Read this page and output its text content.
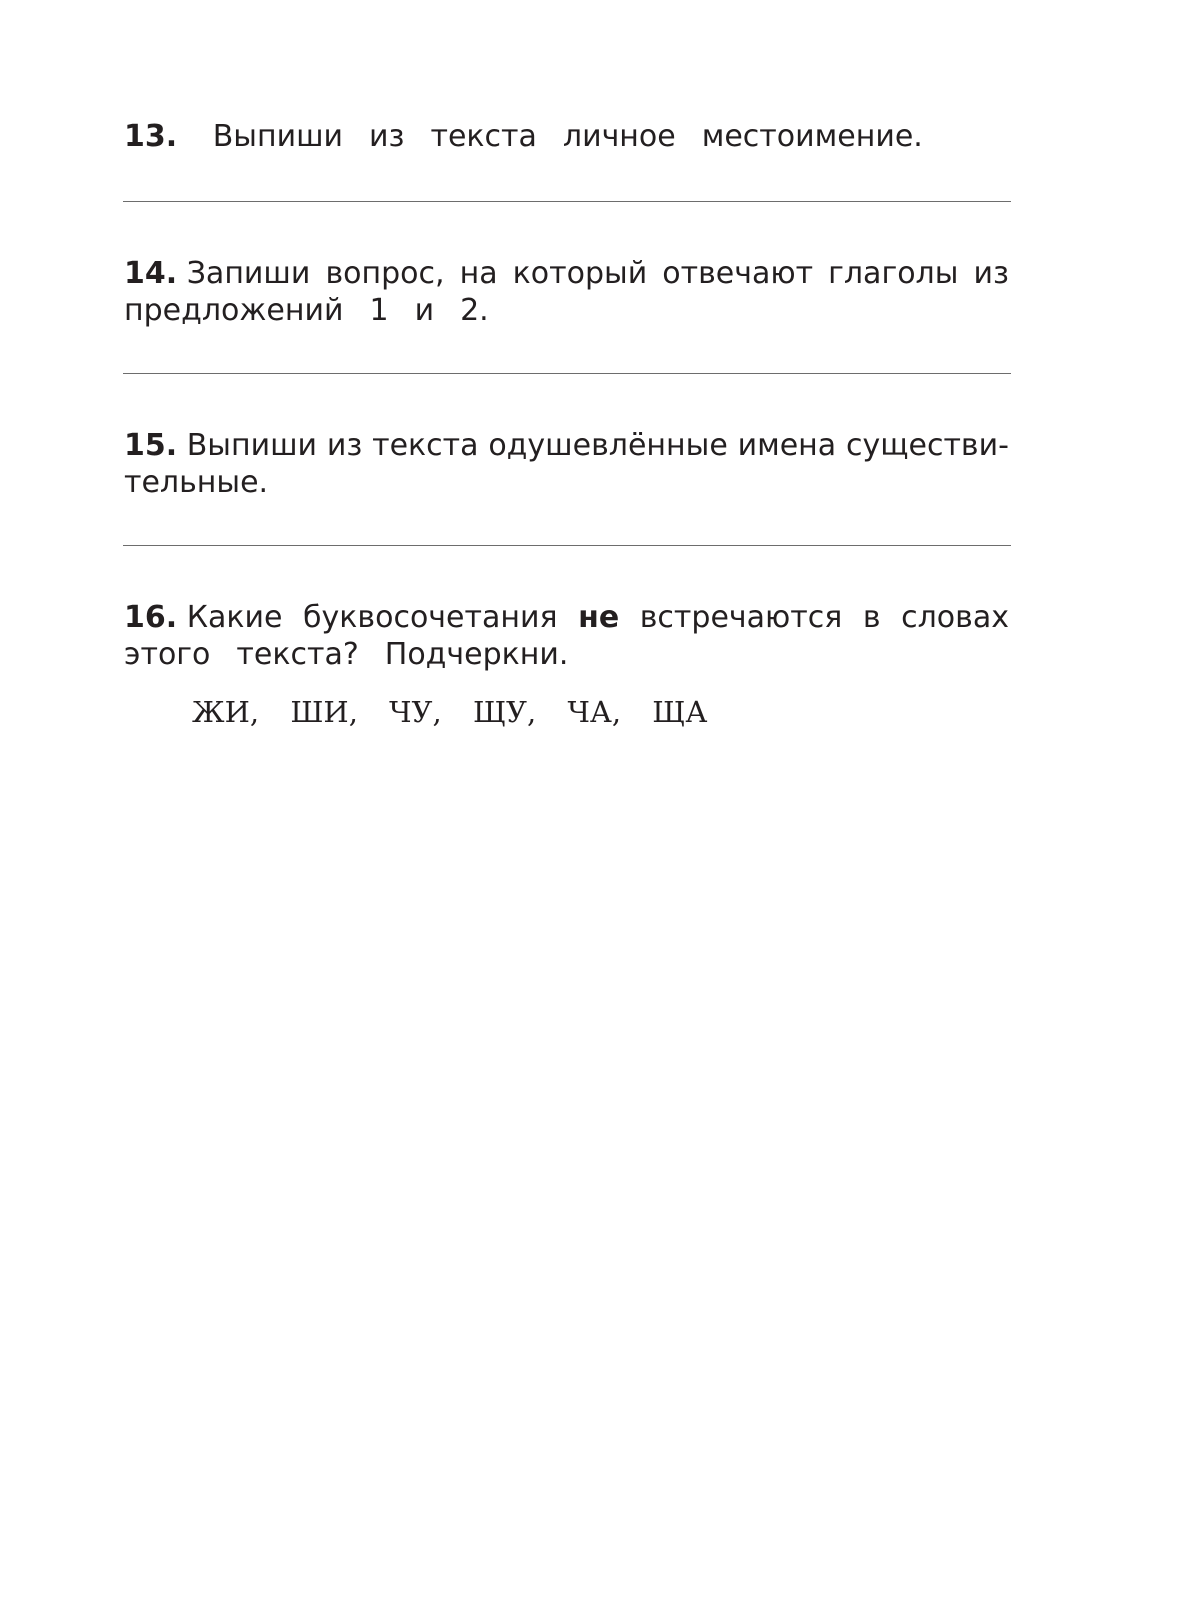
13. Выпиши из текста личное местоимение.
14. Запиши вопрос, на который отвечают глаголы из
предложений 1 и 2.
15. Выпиши из текста одушевлённые имена существи-
тельные.
16. Какие буквосочетания не встречаются в словах
этого текста? Подчеркни.
ЖИ, ШИ, ЧУ, ЩУ, ЧА, ЩА
